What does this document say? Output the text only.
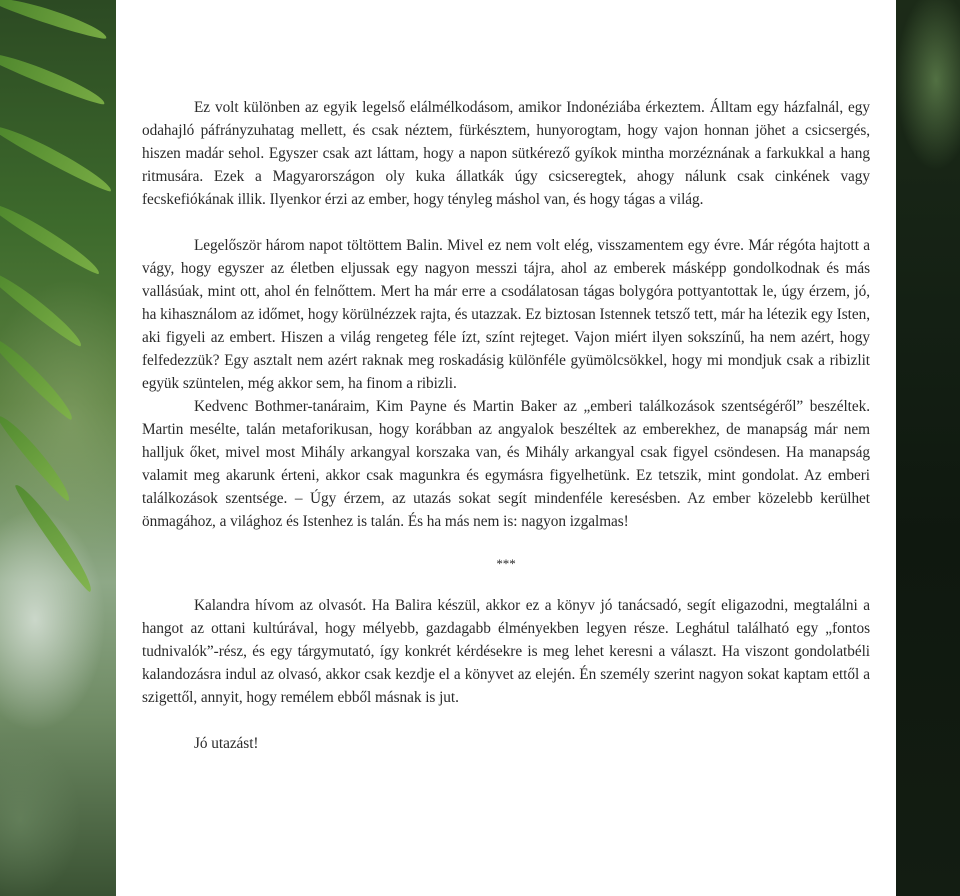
Ez volt különben az egyik legelső elálmélkodásom, amikor Indonéziába érkeztem. Álltam egy házfalnál, egy odahajló páfrányzuhatag mellett, és csak néztem, fürkésztem, hunyorogtam, hogy vajon honnan jöhet a csicsergés, hiszen madár sehol. Egyszer csak azt láttam, hogy a napon sütkérező gyíkok mintha morzéznának a farkukkal a hang ritmusára. Ezek a Magyarországon oly kuka állatkák úgy csicseregtek, ahogy nálunk csak cinkének vagy fecskefiókának illik. Ilyenkor érzi az ember, hogy tényleg máshol van, és hogy tágas a világ.

Legelőször három napot töltöttem Balin. Mivel ez nem volt elég, visszamentem egy évre. Már régóta hajtott a vágy, hogy egyszer az életben eljussak egy nagyon messzi tájra, ahol az emberek másképp gondolkodnak és más vallásúak, mint ott, ahol én felnőttem. Mert ha már erre a csodálatosan tágas bolygóra pottyantottak le, úgy érzem, jó, ha kihasználom az időmet, hogy körülnézzek rajta, és utazzak. Ez biztosan Istennek tetsző tett, már ha létezik egy Isten, aki figyeli az embert. Hiszen a világ rengeteg féle ízt, színt rejteget. Vajon miért ilyen sokszínű, ha nem azért, hogy felfedezzük? Egy asztalt nem azért raknak meg roskadásig különféle gyümölcsökkel, hogy mi mondjuk csak a ribizlit együk szüntelen, még akkor sem, ha finom a ribizli.

Kedvenc Bothmer-tanáraim, Kim Payne és Martin Baker az „emberi találkozások szentségéről” beszéltek. Martin mesélte, talán metaforikusan, hogy korábban az angyalok beszéltek az emberekhez, de manapság már nem halljuk őket, mivel most Mihály arkangyal korszaka van, és Mihály arkangyal csak figyel csöndesen. Ha manapság valamit meg akarunk érteni, akkor csak magunkra és egymásra figyelhetünk. Ez tetszik, mint gondolat. Az emberi találkozások szentsége. – Úgy érzem, az utazás sokat segít mindenféle keresésben. Az ember közelebb kerülhet önmagához, a világhoz és Istenhez is talán. És ha más nem is: nagyon izgalmas!

***

Kalandra hívom az olvasót. Ha Balira készül, akkor ez a könyv jó tanácsadó, segít eligazodni, megtalálni a hangot az ottani kultúrával, hogy mélyebb, gazdagabb élményekben legyen része. Leghátul található egy „fontos tudnivalók”-rész, és egy tárgymutató, így konkrét kérdésekre is meg lehet keresni a választ. Ha viszont gondolatbéli kalandozásra indul az olvasó, akkor csak kezdje el a könyvet az elején. Én személy szerint nagyon sokat kaptam ettől a szigettől, annyit, hogy remélem ebből másnak is jut.

Jó utazást!
